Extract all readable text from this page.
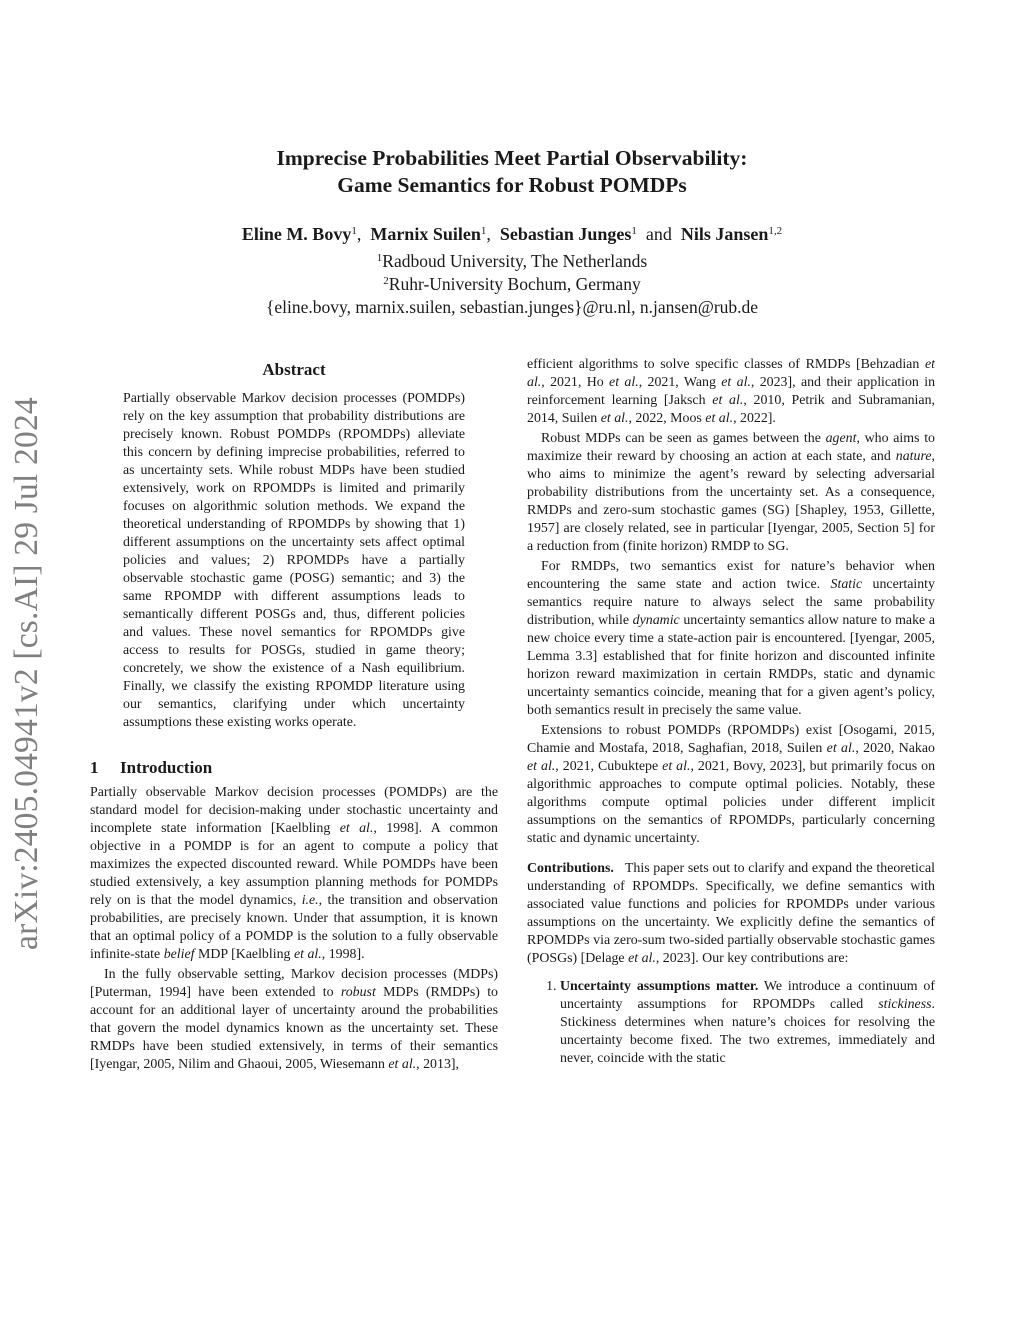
arXiv:2405.04941v2 [cs.AI] 29 Jul 2024
Imprecise Probabilities Meet Partial Observability:
Game Semantics for Robust POMDPs
Eline M. Bovy$^1$, Marnix Suilen$^1$, Sebastian Junges$^1$ and Nils Jansen$^{1,2}$
$^1$Radboud University, The Netherlands
$^2$Ruhr-University Bochum, Germany
{eline.bovy, marnix.suilen, sebastian.junges}@ru.nl, n.jansen@rub.de
Abstract

Partially observable Markov decision processes (POMDPs) rely on the key assumption that probability distributions are precisely known. Robust POMDPs (RPOMDPs) alleviate this concern by defining imprecise probabilities, referred to as uncertainty sets. While robust MDPs have been studied extensively, work on RPOMDPs is limited and primarily focuses on algorithmic solution methods. We expand the theoretical understanding of RPOMDPs by showing that 1) different assumptions on the uncertainty sets affect optimal policies and values; 2) RPOMDPs have a partially observable stochastic game (POSG) semantic; and 3) the same RPOMDP with different assumptions leads to semantically different POSGs and, thus, different policies and values. These novel semantics for RPOMDPs give access to results for POSGs, studied in game theory; concretely, we show the existence of a Nash equilibrium. Finally, we classify the existing RPOMDP literature using our semantics, clarifying under which uncertainty assumptions these existing works operate.

1 Introduction

Partially observable Markov decision processes (POMDPs) are the standard model for decision-making under stochastic uncertainty and incomplete state information [Kaelbling et al., 1998]. A common objective in a POMDP is for an agent to compute a policy that maximizes the expected discounted reward. While POMDPs have been studied extensively, a key assumption planning methods for POMDPs rely on is that the model dynamics, i.e., the transition and observation probabilities, are precisely known. Under that assumption, it is known that an optimal policy of a POMDP is the solution to a fully observable infinite-state belief MDP [Kaelbling et al., 1998].

In the fully observable setting, Markov decision processes (MDPs) [Puterman, 1994] have been extended to robust MDPs (RMDPs) to account for an additional layer of uncertainty around the probabilities that govern the model dynamics known as the uncertainty set. These RMDPs have been studied extensively, in terms of their semantics [Iyengar, 2005, Nilim and Ghaoui, 2005, Wiesemann et al., 2013],

efficient algorithms to solve specific classes of RMDPs [Behzadian et al., 2021, Ho et al., 2021, Wang et al., 2023], and their application in reinforcement learning [Jaksch et al., 2010, Petrik and Subramanian, 2014, Suilen et al., 2022, Moos et al., 2022].

Robust MDPs can be seen as games between the agent, who aims to maximize their reward by choosing an action at each state, and nature, who aims to minimize the agent’s reward by selecting adversarial probability distributions from the uncertainty set. As a consequence, RMDPs and zero-sum stochastic games (SG) [Shapley, 1953, Gillette, 1957] are closely related, see in particular [Iyengar, 2005, Section 5] for a reduction from (finite horizon) RMDP to SG.

For RMDPs, two semantics exist for nature’s behavior when encountering the same state and action twice. Static uncertainty semantics require nature to always select the same probability distribution, while dynamic uncertainty semantics allow nature to make a new choice every time a state-action pair is encountered. [Iyengar, 2005, Lemma 3.3] established that for finite horizon and discounted infinite horizon reward maximization in certain RMDPs, static and dynamic uncertainty semantics coincide, meaning that for a given agent’s policy, both semantics result in precisely the same value.

Extensions to robust POMDPs (RPOMDPs) exist [Osogami, 2015, Chamie and Mostafa, 2018, Saghafian, 2018, Suilen et al., 2020, Nakao et al., 2021, Cubuktepe et al., 2021, Bovy, 2023], but primarily focus on algorithmic approaches to compute optimal policies. Notably, these algorithms compute optimal policies under different implicit assumptions on the semantics of RPOMDPs, particularly concerning static and dynamic uncertainty.

Contributions. This paper sets out to clarify and expand the theoretical understanding of RPOMDPs. Specifically, we define semantics with associated value functions and policies for RPOMDPs under various assumptions on the uncertainty. We explicitly define the semantics of RPOMDPs via zero-sum two-sided partially observable stochastic games (POSGs) [Delage et al., 2023]. Our key contributions are:

1. Uncertainty assumptions matter. We introduce a continuum of uncertainty assumptions for RPOMDPs called stickiness. Stickiness determines when nature’s choices for resolving the uncertainty become fixed. The two extremes, immediately and never, coincide with the static
